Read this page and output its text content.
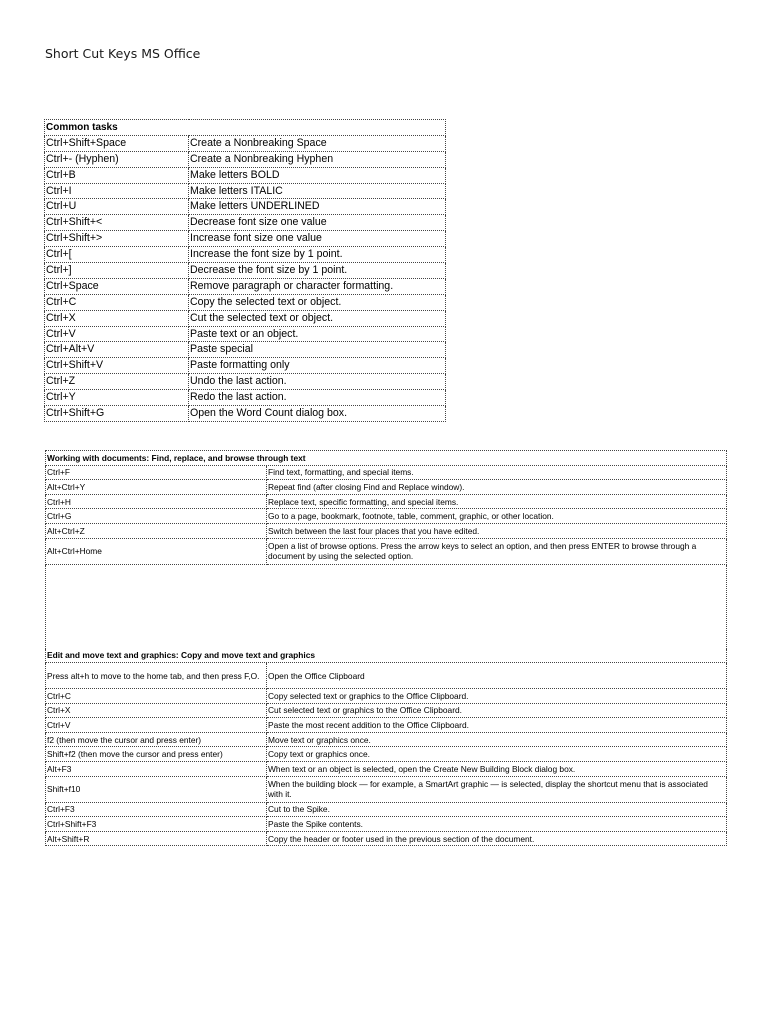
Short Cut Keys MS Office
Common tasks	
Ctrl+Shift+Space	Create a Nonbreaking Space
Ctrl+- (Hyphen)	Create a Nonbreaking Hyphen
Ctrl+B	Make letters BOLD
Ctrl+I	Make letters ITALIC
Ctrl+U	Make letters UNDERLINED
Ctrl+Shift+<	Decrease font size one value
Ctrl+Shift+>	Increase font size one value
Ctrl+[	Increase the font size by 1 point.
Ctrl+]	Decrease the font size by 1 point.
Ctrl+Space	Remove paragraph or character formatting.
Ctrl+C	Copy the selected text or object.
Ctrl+X	Cut the selected text or object.
Ctrl+V	Paste text or an object.
Ctrl+Alt+V	Paste special
Ctrl+Shift+V	Paste formatting only
Ctrl+Z	Undo the last action.
Ctrl+Y	Redo the last action.
Ctrl+Shift+G	Open the Word Count dialog box.
Working with documents: Find, replace, and browse through text	
Ctrl+F	Find text, formatting, and special items.
Alt+Ctrl+Y	Repeat find (after closing Find and Replace window).
Ctrl+H	Replace text, specific formatting, and special items.
Ctrl+G	Go to a page, bookmark, footnote, table, comment, graphic, or other location.
Alt+Ctrl+Z	Switch between the last four places that you have edited.
Alt+Ctrl+Home	Open a list of browse options. Press the arrow keys to select an option, and then press ENTER to browse through a document by using the selected option.

Edit and move text and graphics: Copy and move text and graphics	
Press alt+h to move to the home tab, and then press F,O.	Open the Office Clipboard
Ctrl+C	Copy selected text or graphics to the Office Clipboard.
Ctrl+X	Cut selected text or graphics to the Office Clipboard.
Ctrl+V	Paste the most recent addition to the Office Clipboard.
f2 (then move the cursor and press enter)	Move text or graphics once.
Shift+f2 (then move the cursor and press enter)	Copy text or graphics once.
Alt+F3	When text or an object is selected, open the Create New Building Block dialog box.
Shift+f10	When the building block — for example, a SmartArt graphic — is selected, display the shortcut menu that is associated with it.
Ctrl+F3	Cut to the Spike.
Ctrl+Shift+F3	Paste the Spike contents.
Alt+Shift+R	Copy the header or footer used in the previous section of the document.
